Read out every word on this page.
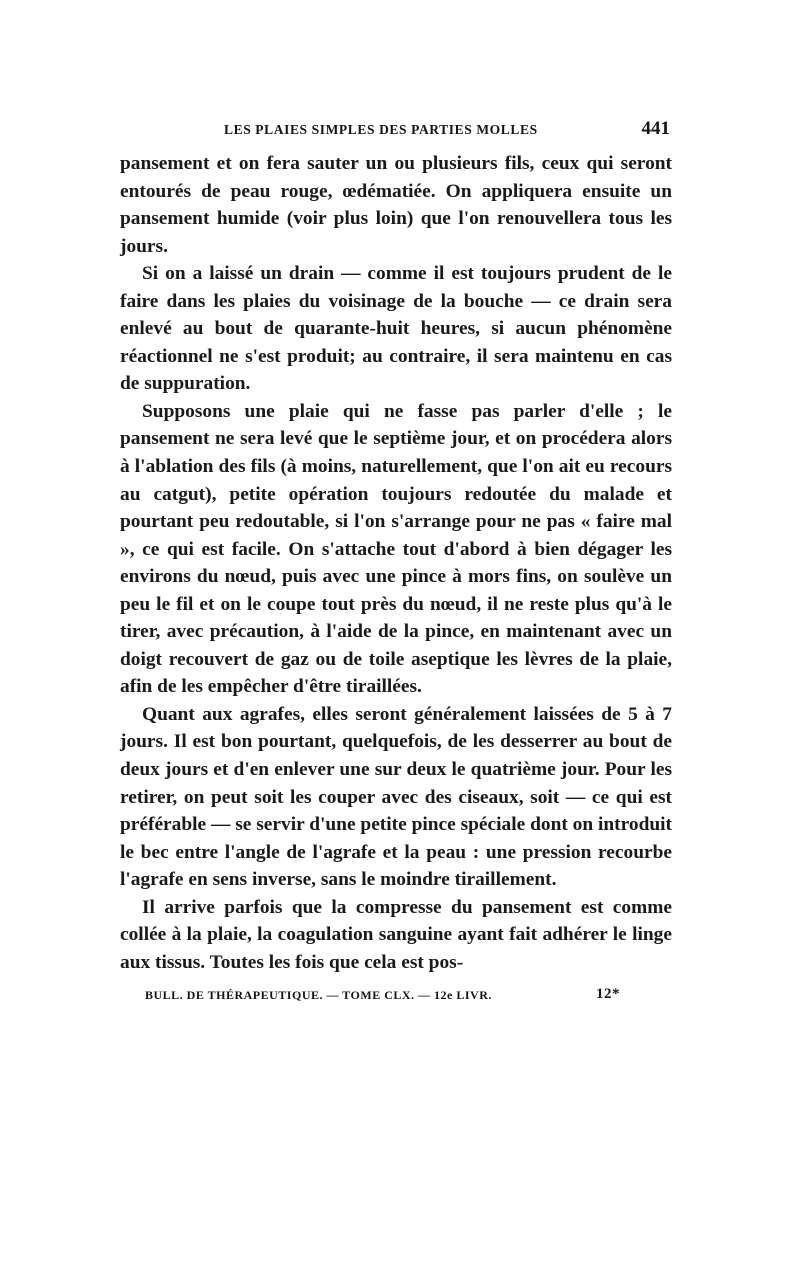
LES PLAIES SIMPLES DES PARTIES MOLLES	441

pansement et on fera sauter un ou plusieurs fils, ceux qui seront entourés de peau rouge, œdématiée. On appliquera ensuite un pansement humide (voir plus loin) que l'on renouvellera tous les jours.

Si on a laissé un drain — comme il est toujours prudent de le faire dans les plaies du voisinage de la bouche — ce drain sera enlevé au bout de quarante-huit heures, si aucun phénomène réactionnel ne s'est produit; au contraire, il sera maintenu en cas de suppuration.

Supposons une plaie qui ne fasse pas parler d'elle ; le pansement ne sera levé que le septième jour, et on procédera alors à l'ablation des fils (à moins, naturellement, que l'on ait eu recours au catgut), petite opération toujours redoutée du malade et pourtant peu redoutable, si l'on s'arrange pour ne pas « faire mal », ce qui est facile. On s'attache tout d'abord à bien dégager les environs du nœud, puis avec une pince à mors fins, on soulève un peu le fil et on le coupe tout près du nœud, il ne reste plus qu'à le tirer, avec précaution, à l'aide de la pince, en maintenant avec un doigt recouvert de gaz ou de toile aseptique les lèvres de la plaie, afin de les empêcher d'être tiraillées.

Quant aux agrafes, elles seront généralement laissées de 5 à 7 jours. Il est bon pourtant, quelquefois, de les desserrer au bout de deux jours et d'en enlever une sur deux le quatrième jour. Pour les retirer, on peut soit les couper avec des ciseaux, soit — ce qui est préférable — se servir d'une petite pince spéciale dont on introduit le bec entre l'angle de l'agrafe et la peau : une pression recourbe l'agrafe en sens inverse, sans le moindre tiraillement.

Il arrive parfois que la compresse du pansement est comme collée à la plaie, la coagulation sanguine ayant fait adhérer le linge aux tissus. Toutes les fois que cela est pos-

BULL. DE THÉRAPEUTIQUE. — TOME CLX. — 12e LIVR.	12*
